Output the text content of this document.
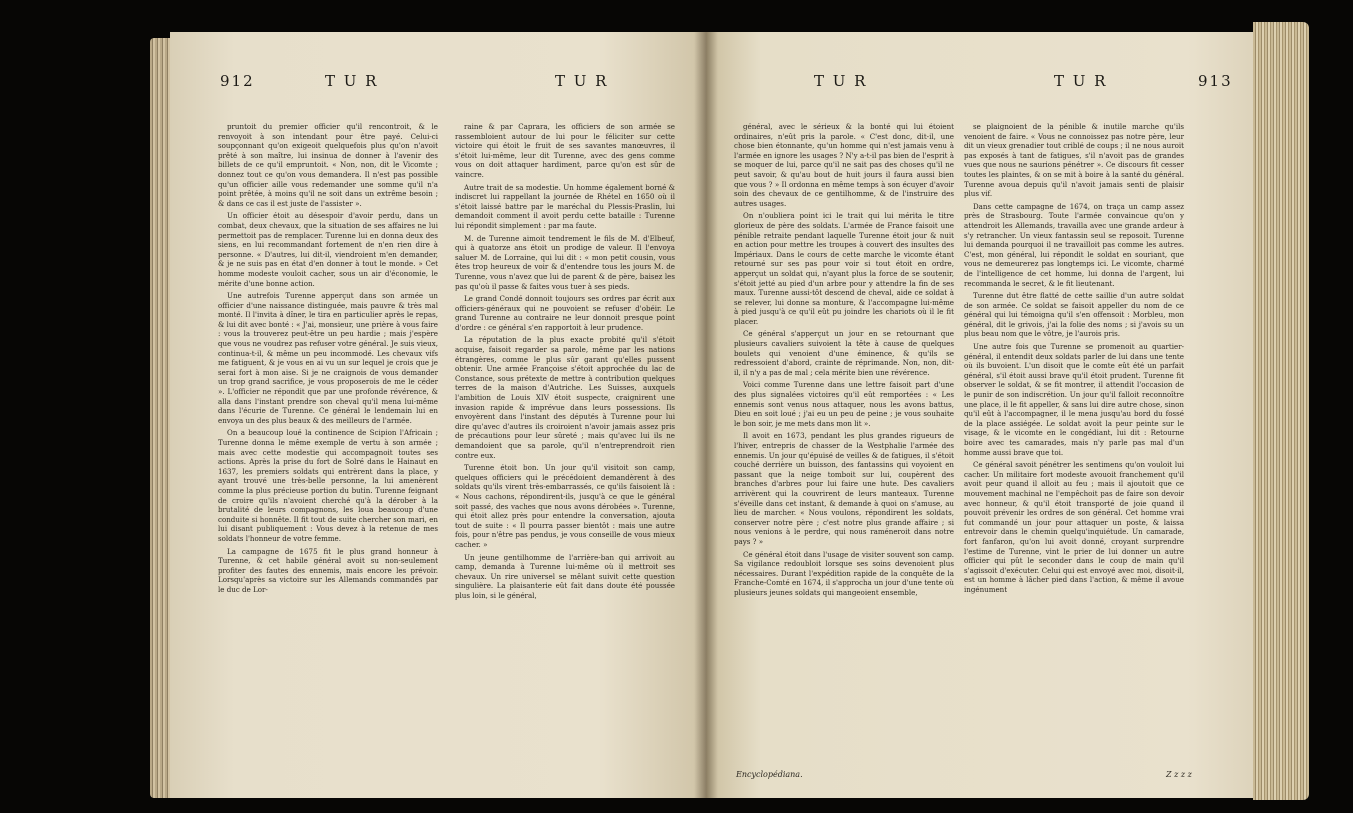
912	T U R	T U R

pruntoit du premier officier qu'il rencontroit, & le renvoyoit à son intendant pour être payé. Celui-ci soupçonnant qu'on exigeoit quelquefois plus qu'on n'avoit prêté à son maître, lui insinua de donner à l'avenir des billets de ce qu'il empruntoit. « Non, non, dit le Vicomte ; donnez tout ce qu'on vous demandera. Il n'est pas possible qu'un officier aille vous redemander une somme qu'il n'a point prêtée, à moins qu'il ne soit dans un extrême besoin ; & dans ce cas il est juste de l'assister ».

Un officier étoit au désespoir d'avoir perdu, dans un combat, deux chevaux, que la situation de ses affaires ne lui permettoit pas de remplacer. Turenne lui en donna deux des siens, en lui recommandant fortement de n'en rien dire à personne. « D'autres, lui dit-il, viendroient m'en demander, & je ne suis pas en état d'en donner à tout le monde. » Cet homme modeste vouloit cacher, sous un air d'économie, le mérite d'une bonne action.

Une autrefois Turenne apperçut dans son armée un officier d'une naissance distinguée, mais pauvre & très mal monté. Il l'invita à dîner, le tira en particulier après le repas, & lui dit avec bonté : « J'ai, monsieur, une prière à vous faire : vous la trouverez peut-être un peu hardie ; mais j'espère que vous ne voudrez pas refuser votre général. Je suis vieux, continua-t-il, & même un peu incommodé. Les chevaux vifs me fatiguent, & je vous en ai vu un sur lequel je crois que je serai fort à mon aise. Si je ne craignois de vous demander un trop grand sacrifice, je vous proposerois de me le céder ». L'officier ne répondit que par une profonde révérence, & alla dans l'instant prendre son cheval qu'il mena lui-même dans l'écurie de Turenne. Ce général le lendemain lui en envoya un des plus beaux & des meilleurs de l'armée.

On a beaucoup loué la continence de Scipion l'Africain ; Turenne donna le même exemple de vertu à son armée ; mais avec cette modestie qui accompagnoit toutes ses actions. Après la prise du fort de Solré dans le Hainaut en 1637, les premiers soldats qui entrèrent dans la place, y ayant trouvé une très-belle personne, la lui amenèrent comme la plus précieuse portion du butin. Turenne feignant de croire qu'ils n'avoient cherché qu'à la dérober à la brutalité de leurs compagnons, les loua beaucoup d'une conduite si honnête. Il fit tout de suite chercher son mari, en lui disant publiquement : Vous devez à la retenue de mes soldats l'honneur de votre femme.

La campagne de 1675 fit le plus grand honneur à Turenne, & cet habile général avoit su non-seulement profiter des fautes des ennemis, mais encore les prévoir. Lorsqu'après sa victoire sur les Allemands commandés par le duc de Lor-

raine & par Caprara, les officiers de son armée se rassembloient autour de lui pour le féliciter sur cette victoire qui étoit le fruit de ses savantes manœuvres, il s'étoit lui-même, leur dit Turenne, avec des gens comme vous on doit attaquer hardiment, parce qu'on est sûr de vaincre.

Autre trait de sa modestie. Un homme également borné & indiscret lui rappellant la journée de Rhétel en 1650 où il s'étoit laissé battre par le maréchal du Plessis-Praslin, lui demandoit comment il avoit perdu cette bataille : Turenne lui répondit simplement : par ma faute.

M. de Turenne aimoit tendrement le fils de M. d'Elbeuf, qui à quatorze ans étoit un prodige de valeur. Il l'envoya saluer M. de Lorraine, qui lui dit : « mon petit cousin, vous êtes trop heureux de voir & d'entendre tous les jours M. de Turenne, vous n'avez que lui de parent & de père, baisez les pas qu'où il passe & faites vous tuer à ses pieds.

Le grand Condé donnoit toujours ses ordres par écrit aux officiers-généraux qui ne pouvoient se refuser d'obéir. Le grand Turenne au contraire ne leur donnoit presque point d'ordre : ce général s'en rapportoit à leur prudence.

La réputation de la plus exacte probité qu'il s'étoit acquise, faisoit regarder sa parole, même par les nations étrangères, comme le plus sûr garant qu'elles pussent obtenir. Une armée Françoise s'étoit approchée du lac de Constance, sous prétexte de mettre à contribution quelques terres de la maison d'Autriche. Les Suisses, auxquels l'ambition de Louis XIV étoit suspecte, craignirent une invasion rapide & imprévue dans leurs possessions. Ils envoyèrent dans l'instant des députés à Turenne pour lui dire qu'avec d'autres ils croiroient n'avoir jamais assez pris de précautions pour leur sûreté ; mais qu'avec lui ils ne demandoient que sa parole, qu'il n'entreprendroit rien contre eux.

Turenne étoit bon. Un jour qu'il visitoit son camp, quelques officiers qui le précédoient demandèrent à des soldats qu'ils virent très-embarrassés, ce qu'ils faisoient là : « Nous cachons, répondirent-ils, jusqu'à ce que le général soit passé, des vaches que nous avons dérobées ». Turenne, qui étoit allez près pour entendre la conversation, ajouta tout de suite : « Il pourra passer bientôt : mais une autre fois, pour n'être pas pendus, je vous conseille de vous mieux cacher. »

Un jeune gentilhomme de l'arrière-ban qui arrivoit au camp, demanda à Turenne lui-même où il mettroit ses chevaux. Un rire universel se mêlant suivit cette question singulière. La plaisanterie eût fait dans doute été poussée plus loin, si le général,

T U R	T U R	913

général, avec le sérieux & la bonté qui lui étoient ordinaires, n'eût pris la parole. « C'est donc, dit-il, une chose bien étonnante, qu'un homme qui n'est jamais venu à l'armée en ignore les usages ? N'y a-t-il pas bien de l'esprit à se moquer de lui, parce qu'il ne sait pas des choses qu'il ne peut savoir, & qu'au bout de huit jours il faura aussi bien que vous ? » Il ordonna en même temps à son écuyer d'avoir soin des chevaux de ce gentilhomme, & de l'instruire des autres usages.

On n'oubliera point ici le trait qui lui mérita le titre glorieux de père des soldats. L'armée de France faisoit une pénible retraite pendant laquelle Turenne étoit jour & nuit en action pour mettre les troupes à couvert des insultes des Impériaux. Dans le cours de cette marche le vicomte étant retourné sur ses pas pour voir si tout étoit en ordre, apperçut un soldat qui, n'ayant plus la force de se soutenir, s'étoit jetté au pied d'un arbre pour y attendre la fin de ses maux. Turenne aussi-tôt descend de cheval, aide ce soldat à se relever, lui donne sa monture, & l'accompagne lui-même à pied jusqu'à ce qu'il eût pu joindre les chariots où il le fit placer.

Ce général s'apperçut un jour en se retournant que plusieurs cavaliers suivoient la tête à cause de quelques boulets qui venoient d'une éminence, & qu'ils se redressoient d'abord, crainte de réprimande. Non, non, dit-il, il n'y a pas de mal ; cela mérite bien une révérence.

Voici comme Turenne dans une lettre faisoit part d'une des plus signalées victoires qu'il eût remportées : « Les ennemis sont venus nous attaquer, nous les avons battus, Dieu en soit loué ; j'ai eu un peu de peine ; je vous souhaite le bon soir, je me mets dans mon lit ».

Il avoit en 1673, pendant les plus grandes rigueurs de l'hiver, entrepris de chasser de la Westphalie l'armée des ennemis. Un jour qu'épuisé de veilles & de fatigues, il s'étoit couché derrière un buisson, des fantassins qui voyoient en passant que la neige tomboit sur lui, coupèrent des branches d'arbres pour lui faire une hute. Des cavaliers arrivèrent qui la couvrirent de leurs manteaux. Turenne s'éveille dans cet instant, & demande à quoi on s'amuse, au lieu de marcher. « Nous voulons, répondirent les soldats, conserver notre père ; c'est notre plus grande affaire ; si nous venions à le perdre, qui nous raméneroit dans notre pays ? »

Ce général étoit dans l'usage de visiter souvent son camp. Sa vigilance redoubloit lorsque ses soins devenoient plus nécessaires. Durant l'expédition rapide de la conquête de la Franche-Comté en 1674, il s'approcha un jour d'une tente où plusieurs jeunes soldats qui mangeoient ensemble,

se plaignoient de la pénible & inutile marche qu'ils venoient de faire. « Vous ne connoissez pas notre père, leur dit un vieux grenadier tout criblé de coups ; il ne nous auroit pas exposés à tant de fatigues, s'il n'avoit pas de grandes vues que nous ne saurions pénétrer ». Ce discours fit cesser toutes les plaintes, & on se mit à boire à la santé du général. Turenne avoua depuis qu'il n'avoit jamais senti de plaisir plus vif.

Dans cette campagne de 1674, on traça un camp assez près de Strasbourg. Toute l'armée convaincue qu'on y attendroit les Allemands, travailla avec une grande ardeur à s'y retrancher. Un vieux fantassin seul se reposoit. Turenne lui demanda pourquoi il ne travailloit pas comme les autres. C'est, mon général, lui répondit le soldat en souriant, que vous ne demeurerez pas longtemps ici. Le vicomte, charmé de l'intelligence de cet homme, lui donna de l'argent, lui recommanda le secret, & le fit lieutenant.

Turenne dut être flatté de cette saillie d'un autre soldat de son armée. Ce soldat se faisoit appeller du nom de ce général qui lui témoigna qu'il s'en offensoit : Morbleu, mon général, dit le grivois, j'ai la folie des noms ; si j'avois su un plus beau nom que le vôtre, je l'aurois pris.

Une autre fois que Turenne se promenoit au quartier-général, il entendit deux soldats parler de lui dans une tente où ils buvoient. L'un disoit que le comte eût été un parfait général, s'il étoit aussi brave qu'il étoit prudent. Turenne fit observer le soldat, & se fit montrer, il attendit l'occasion de le punir de son indiscrétion. Un jour qu'il falloit reconnoître une place, il le fit appeller, & sans lui dire autre chose, sinon qu'il eût à l'accompagner, il le mena jusqu'au bord du fossé de la place assiégée. Le soldat avoit la peur peinte sur le visage, & le vicomte en le congédiant, lui dit : Retourne boire avec tes camarades, mais n'y parle pas mal d'un homme aussi brave que toi.

Ce général savoit pénétrer les sentimens qu'on vouloit lui cacher. Un militaire fort modeste avouoit franchement qu'il avoit peur quand il alloit au feu ; mais il ajoutoit que ce mouvement machinal ne l'empêchoit pas de faire son devoir avec honneur, & qu'il étoit transporté de joie quand il pouvoit prévenir les ordres de son général. Cet homme vrai fut commandé un jour pour attaquer un poste, & laissa entrevoir dans le chemin quelqu'inquiétude. Un camarade, fort fanfaron, qu'on lui avoit donné, croyant surprendre l'estime de Turenne, vint le prier de lui donner un autre officier qui pût le seconder dans le coup de main qu'il s'agissoit d'exécuter. Celui qui est envoyé avec moi, disoit-il, est un homme à lâcher pied dans l'action, & même il avoue ingénument

Encyclopédiana.	Z z z z
